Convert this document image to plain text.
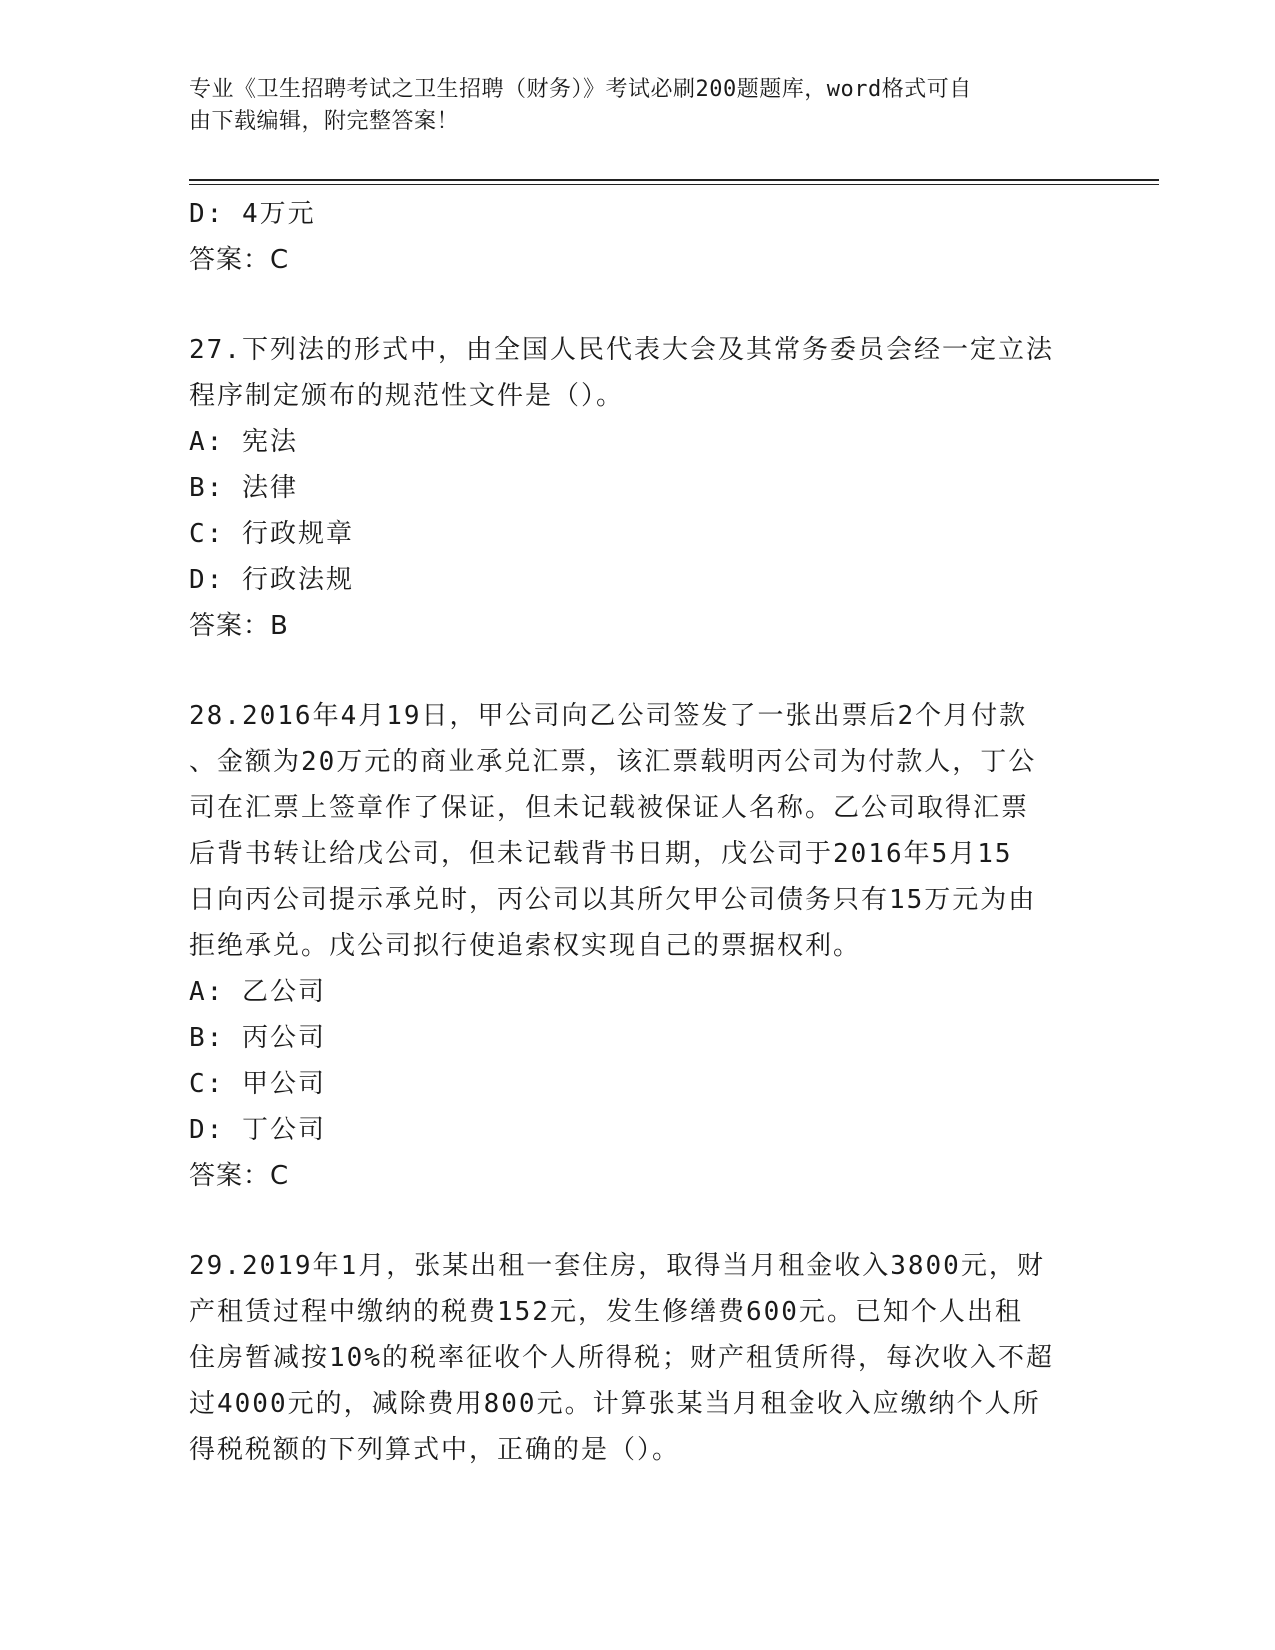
专业《卫生招聘考试之卫生招聘（财务）》考试必刷200题题库，word格式可自
由下载编辑，附完整答案！
D: 4万元
答案：C
27.下列法的形式中，由全国人民代表大会及其常务委员会经一定立法
程序制定颁布的规范性文件是（）。
A: 宪法
B: 法律
C: 行政规章
D: 行政法规
答案：B
28.2016年4月19日，甲公司向乙公司签发了一张出票后2个月付款
、金额为20万元的商业承兑汇票，该汇票载明丙公司为付款人，丁公
司在汇票上签章作了保证，但未记载被保证人名称。乙公司取得汇票
后背书转让给戊公司，但未记载背书日期，戊公司于2016年5月15
日向丙公司提示承兑时，丙公司以其所欠甲公司债务只有15万元为由
拒绝承兑。戊公司拟行使追索权实现自己的票据权利。
A: 乙公司
B: 丙公司
C: 甲公司
D: 丁公司
答案：C
29.2019年1月，张某出租一套住房，取得当月租金收入3800元，财
产租赁过程中缴纳的税费152元，发生修缮费600元。已知个人出租
住房暂减按10%的税率征收个人所得税；财产租赁所得，每次收入不超
过4000元的，减除费用800元。计算张某当月租金收入应缴纳个人所
得税税额的下列算式中，正确的是（）。
